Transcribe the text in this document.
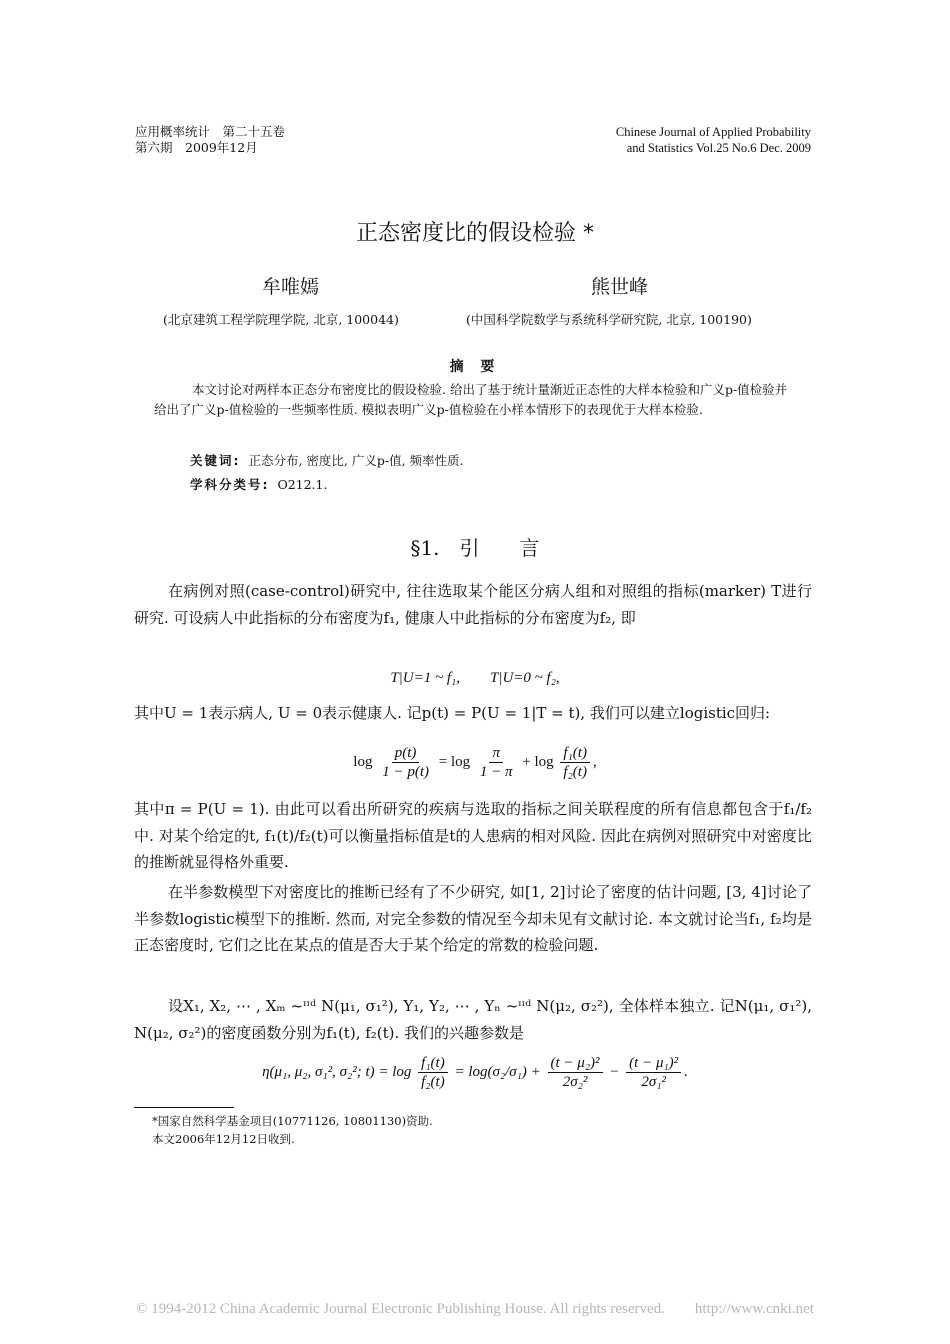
应用概率统计　第二十五卷
第六期　2009年12月
Chinese Journal of Applied Probability
and Statistics Vol.25 No.6 Dec. 2009
正态密度比的假设检验 *
牟唯嫣	熊世峰
(北京建筑工程学院理学院, 北京, 100044)	(中国科学院数学与系统科学研究院, 北京, 100190)
摘 要
本文讨论对两样本正态分布密度比的假设检验. 给出了基于统计量渐近正态性的大样本检验和广义p-值检验并给出了广义p-值检验的一些频率性质. 模拟表明广义p-值检验在小样本情形下的表现优于大样本检验.
关键词: 正态分布, 密度比, 广义p-值, 频率性质.
学科分类号: O212.1.
§1.　引　　言
在病例对照(case-control)研究中, 往往选取某个能区分病人组和对照组的指标(marker) T进行研究. 可设病人中此指标的分布密度为f₁, 健康人中此指标的分布密度为f₂, 即
T|U=1 ~ f₁,　　T|U=0 ~ f₂,
其中U = 1表示病人, U = 0表示健康人. 记p(t) = P(U = 1|T = t), 我们可以建立logistic回归:
$\log \frac{p(t)}{1 - p(t)} = \log \frac{\pi}{1 - \pi} + \log \frac{\text{f₁(t)}}{\text{f₂(t)}}$ ,
其中π = P(U = 1). 由此可以看出所研究的疾病与选取的指标之间关联程度的所有信息都包含于f₁/f₂中. 对某个给定的t, f₁(t)/f₂(t)可以衡量指标值是t的人患病的相对风险. 因此在病例对照研究中对密度比的推断就显得格外重要.
在半参数模型下对密度比的推断已经有了不少研究, 如[1, 2]讨论了密度的估计问题, [3, 4]讨论了半参数logistic模型下的推断. 然而, 对完全参数的情况至今却未见有文献讨论. 本文就讨论当f₁, f₂均是正态密度时, 它们之比在某点的值是否大于某个给定的常数的检验问题.
设X₁, X₂, ⋯ , Xₘ ~ᶦᶦᵈ N(μ₁, σ₁²), Y₁, Y₂, ⋯ , Yₙ ~ᶦᶦᵈ N(μ₂, σ₂²), 全体样本独立. 记N(μ₁, σ₁²), N(μ₂, σ₂²)的密度函数分别为f₁(t), f₂(t). 我们的兴趣参数是
η(μ₁, μ₂, σ₁², σ₂²; $t) = \log \frac{\text{f₁(t)}}{\text{f₂(t)}} = \log(\sigma_2/\sigma_1) + \frac{\text{(t − μ₂)²}}{\text{2σ₂²}} - \frac{\text{(t − μ₁)²}}{\text{2σ₁²}}$ .
*国家自然科学基金项目(10771126, 10801130)资助.
本文2006年12月12日收到.
© 1994-2012 China Academic Journal Electronic Publishing House. All rights reserved.　　http://www.cnki.net
